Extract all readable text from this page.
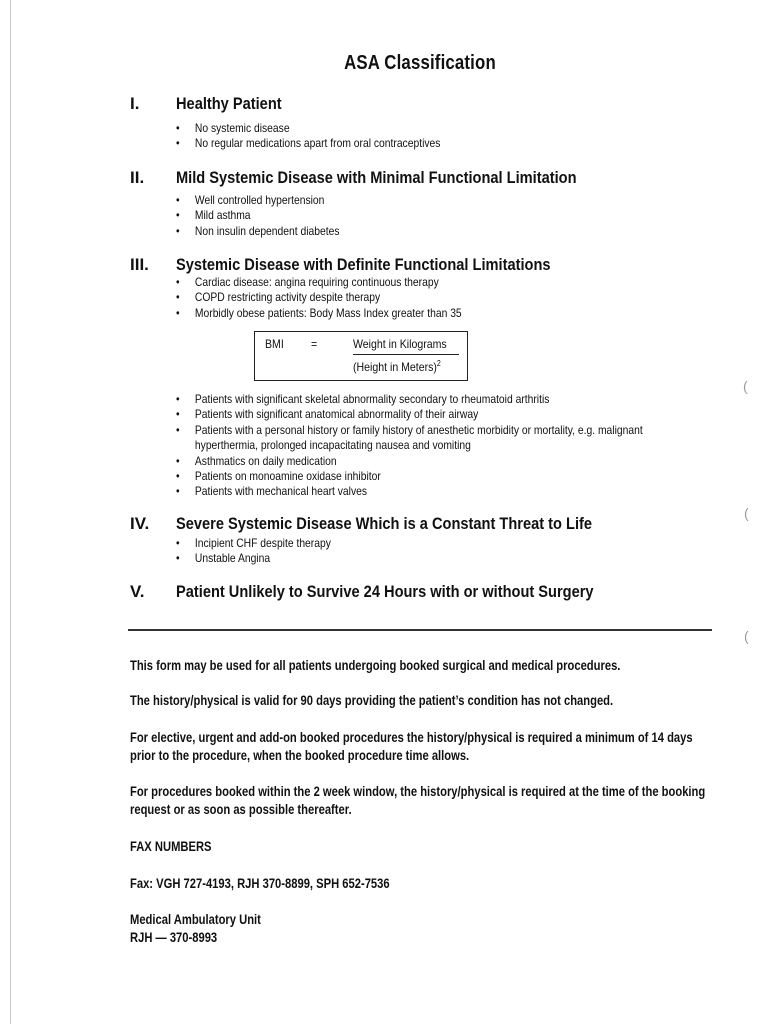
ASA Classification
I. Healthy Patient
• No systemic disease
• No regular medications apart from oral contraceptives
II. Mild Systemic Disease with Minimal Functional Limitation
• Well controlled hypertension
• Mild asthma
• Non insulin dependent diabetes
III. Systemic Disease with Definite Functional Limitations
• Cardiac disease: angina requiring continuous therapy
• COPD restricting activity despite therapy
• Morbidly obese patients: Body Mass Index greater than 35
BMI =	Weight in Kilograms
(Height in Meters)$^2$
• Patients with significant skeletal abnormality secondary to rheumatoid arthritis
• Patients with significant anatomical abnormality of their airway
• Patients with a personal history or family history of anesthetic morbidity or mortality, e.g. malignant hyperthermia, prolonged incapacitating nausea and vomiting
• Asthmatics on daily medication
• Patients on monoamine oxidase inhibitor
• Patients with mechanical heart valves
IV. Severe Systemic Disease Which is a Constant Threat to Life
• Incipient CHF despite therapy
• Unstable Angina
V. Patient Unlikely to Survive 24 Hours with or without Surgery
This form may be used for all patients undergoing booked surgical and medical procedures.
The history/physical is valid for 90 days providing the patient’s condition has not changed.
For elective, urgent and add-on booked procedures the history/physical is required a minimum of 14 days prior to the procedure, when the booked procedure time allows.
For procedures booked within the 2 week window, the history/physical is required at the time of the booking request or as soon as possible thereafter.
FAX NUMBERS
Fax: VGH 727-4193, RJH 370-8899, SPH 652-7536
Medical Ambulatory Unit
RJH — 370-8993
(
(
(
